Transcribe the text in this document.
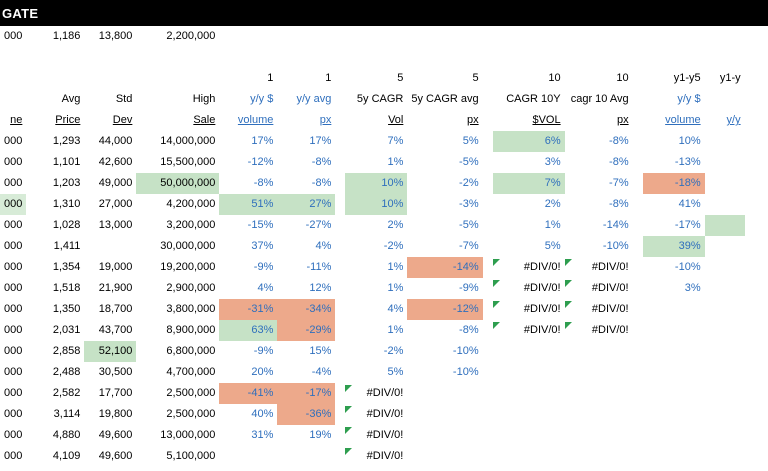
GATE
000	1,186	13,800	2,200,000											

				1	1		5	5		10	10		y1-y5	y1-y
	Avg	Std	High	y/y $	y/y avg		5y CAGR	5y CAGR avg		CAGR 10Y	cagr 10 Avg		y/y $	
ne	Price	Dev	Sale	volume	px		Vol	px		$VOL	px		volume	y/y
000	1,293	44,000	14,000,000	17%	17%		7%	5%		6%	-8%		10%	
000	1,101	42,600	15,500,000	-12%	-8%		1%	-5%		3%	-8%		-13%	
000	1,203	49,000	50,000,000	-8%	-8%		10%	-2%		7%	-7%		-18%	
000	1,310	27,000	4,200,000	51%	27%		10%	-3%		2%	-8%		41%	
000	1,028	13,000	3,200,000	-15%	-27%		2%	-5%		1%	-14%		-17%	
000	1,411		30,000,000	37%	4%		-2%	-7%		5%	-10%		39%	
000	1,354	19,000	19,200,000	-9%	-11%		1%	-14%		#DIV/0!	#DIV/0!		-10%	
000	1,518	21,900	2,900,000	4%	12%		1%	-9%		#DIV/0!	#DIV/0!		3%	
000	1,350	18,700	3,800,000	-31%	-34%		4%	-12%		#DIV/0!	#DIV/0!			
000	2,031	43,700	8,900,000	63%	-29%		1%	-8%		#DIV/0!	#DIV/0!			
000	2,858	52,100	6,800,000	-9%	15%		-2%	-10%						
000	2,488	30,500	4,700,000	20%	-4%		5%	-10%						
000	2,582	17,700	2,500,000	-41%	-17%		#DIV/0!							
000	3,114	19,800	2,500,000	40%	-36%		#DIV/0!							
000	4,880	49,600	13,000,000	31%	19%		#DIV/0!							
000	4,109	49,600	5,100,000				#DIV/0!							
